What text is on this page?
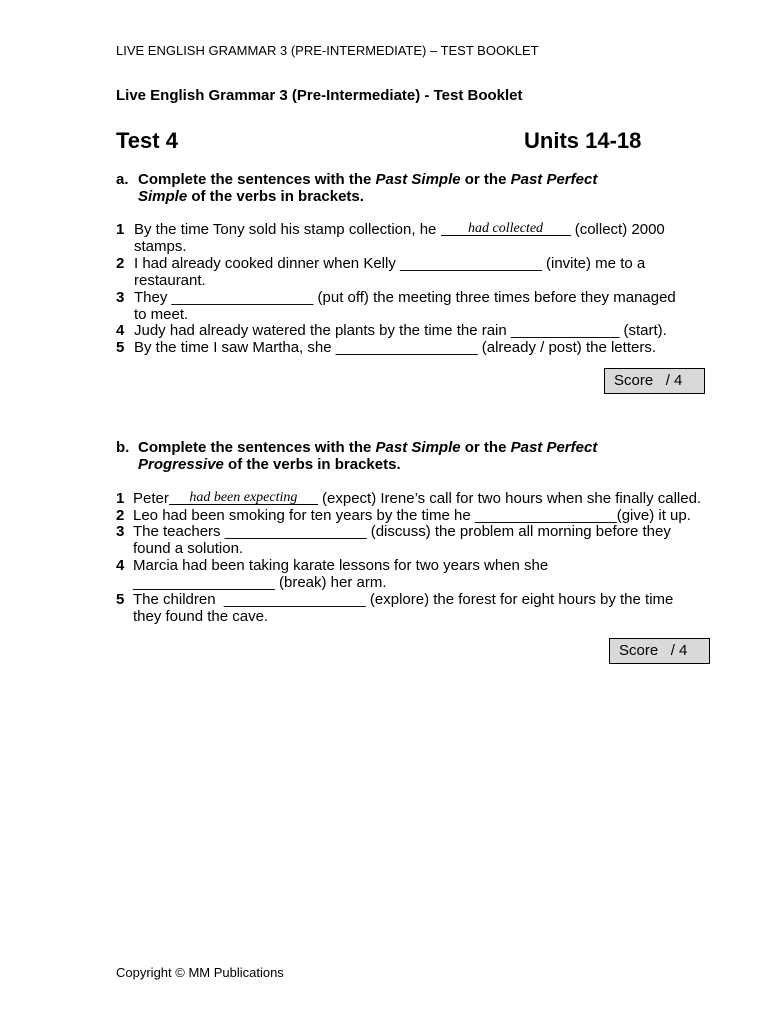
LIVE ENGLISH GRAMMAR 3 (PRE-INTERMEDIATE) – TEST BOOKLET
Live English Grammar 3 (Pre-Intermediate) - Test Booklet
Test 4	Units 14-18
a. Complete the sentences with the Past Simple or the Past Perfect
Simple of the verbs in brackets.
1 By the time Tony sold his stamp collection, he had collected (collect) 2000
stamps.
2 I had already cooked dinner when Kelly _________________ (invite) me to a
restaurant.
3 They _________________ (put off) the meeting three times before they managed
to meet.
4 Judy had already watered the plants by the time the rain _____________ (start).
5 By the time I saw Martha, she _________________ (already / post) the letters.
Score / 4
b. Complete the sentences with the Past Simple or the Past Perfect
Progressive of the verbs in brackets.
1 Peter had been expecting (expect) Irene’s call for two hours when she finally called.
2 Leo had been smoking for ten years by the time he _________________(give) it up.
3 The teachers _________________ (discuss) the problem all morning before they
found a solution.
4 Marcia had been taking karate lessons for two years when she
_________________ (break) her arm.
5 The children  _________________ (explore) the forest for eight hours by the time
they found the cave.
Score / 4
Copyright © MM Publications
